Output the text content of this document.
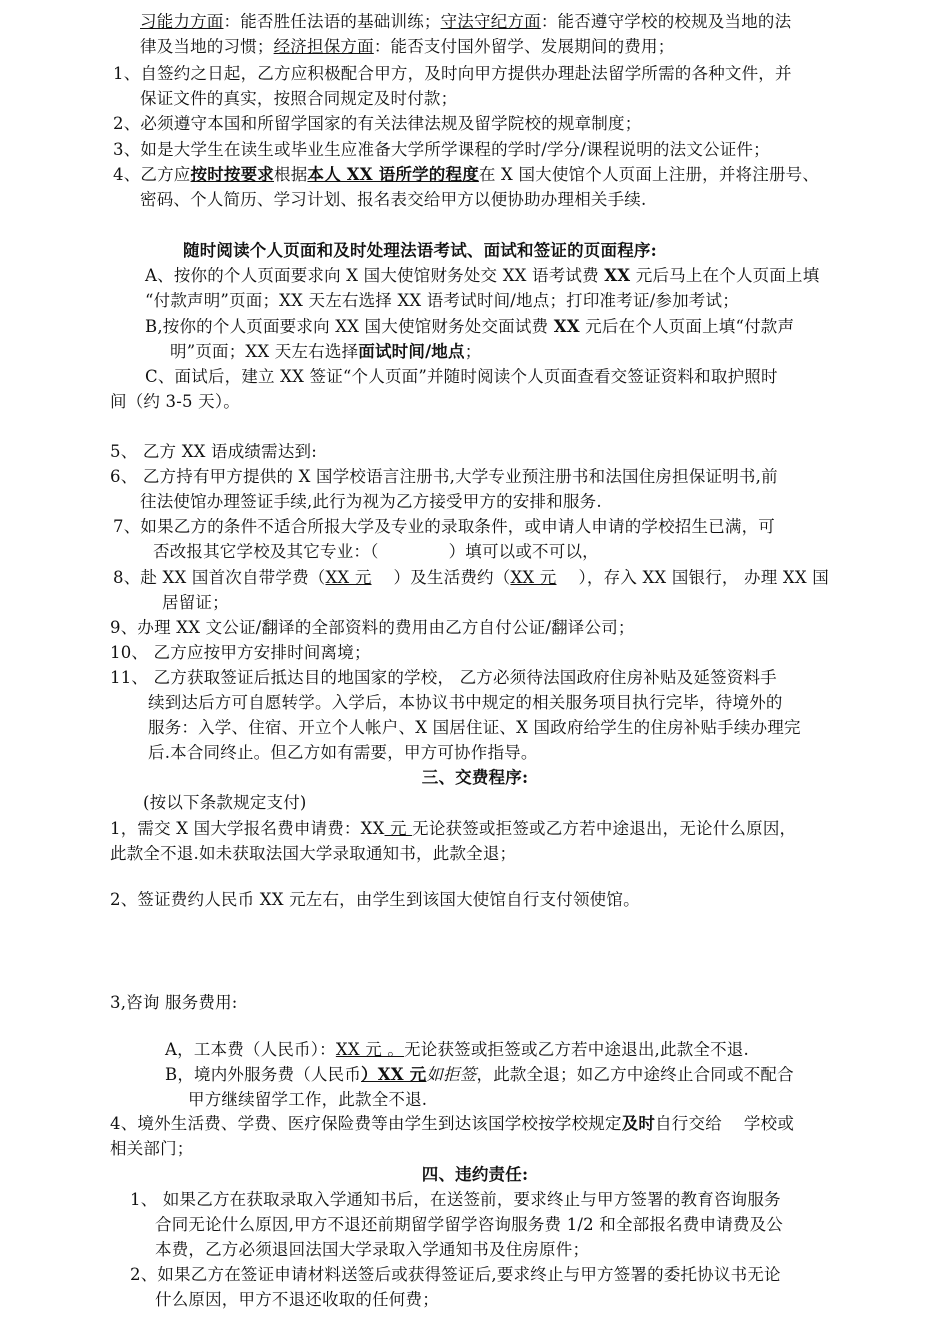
习能力方面：能否胜任法语的基础训练；守法守纪方面：能否遵守学校的校规及当地的法
律及当地的习惯；经济担保方面：能否支付国外留学、发展期间的费用；
1、自签约之日起，乙方应积极配合甲方，及时向甲方提供办理赴法留学所需的各种文件，并
保证文件的真实，按照合同规定及时付款；
2、必须遵守本国和所留学国家的有关法律法规及留学院校的规章制度；
3、如是大学生在读生或毕业生应准备大学所学课程的学时/学分/课程说明的法文公证件；
4、乙方应按时按要求根据本人 XX 语所学的程度在 X 国大使馆个人页面上注册，并将注册号、
密码、个人简历、学习计划、报名表交给甲方以便协助办理相关手续.
随时阅读个人页面和及时处理法语考试、面试和签证的页面程序:
A、按你的个人页面要求向 X 国大使馆财务处交 XX 语考试费 XX 元后马上在个人页面上填
“付款声明”页面；XX 天左右选择 XX 语考试时间/地点；打印准考证/参加考试；
B,按你的个人页面要求向 XX 国大使馆财务处交面试费 XX 元后在个人页面上填“付款声
明”页面；XX 天左右选择面试时间/地点；
C、面试后，建立 XX 签证“个人页面”并随时阅读个人页面查看交签证资料和取护照时
间（约 3-5 天）。
5、 乙方 XX 语成绩需达到:
6、 乙方持有甲方提供的 X 国学校语言注册书,大学专业预注册书和法国住房担保证明书,前
往法使馆办理签证手续,此行为视为乙方接受甲方的安排和服务.
7、如果乙方的条件不适合所报大学及专业的录取条件，或申请人申请的学校招生已满，可
否改报其它学校及其它专业：（	）填可以或不可以，
8、赴 XX 国首次自带学费（XX 元 ）及生活费约（XX 元 ），存入 XX 国银行， 办理 XX 国
居留证；
9、办理 XX 文公证/翻译的全部资料的费用由乙方自付公证/翻译公司；
10、 乙方应按甲方安排时间离境；
11、 乙方获取签证后抵达目的地国家的学校， 乙方必须待法国政府住房补贴及延签资料手
续到达后方可自愿转学。入学后，本协议书中规定的相关服务项目执行完毕，待境外的
服务：入学、住宿、开立个人帐户、X 国居住证、X 国政府给学生的住房补贴手续办理完
后.本合同终止。但乙方如有需要，甲方可协作指导。
三、交费程序:
(按以下条款规定支付)
1，需交 X 国大学报名费申请费：XX 元 无论获签或拒签或乙方若中途退出，无论什么原因，
此款全不退.如未获取法国大学录取通知书，此款全退；
2、签证费约人民币 XX 元左右，由学生到该国大使馆自行支付领使馆。
3,咨询 服务费用:
A，工本费（人民币）：XX 元 。无论获签或拒签或乙方若中途退出,此款全不退.
B，境内外服务费（人民币）XX 元如拒签，此款全退；如乙方中途终止合同或不配合
甲方继续留学工作，此款全不退.
4、境外生活费、学费、医疗保险费等由学生到达该国学校按学校规定及时自行交给 学校或
相关部门；
四、违约责任:
1、 如果乙方在获取录取入学通知书后，在送签前，要求终止与甲方签署的教育咨询服务
合同无论什么原因,甲方不退还前期留学留学咨询服务费 1/2 和全部报名费申请费及公
本费，乙方必须退回法国大学录取入学通知书及住房原件；
2、如果乙方在签证申请材料送签后或获得签证后,要求终止与甲方签署的委托协议书无论
什么原因，甲方不退还收取的任何费；
